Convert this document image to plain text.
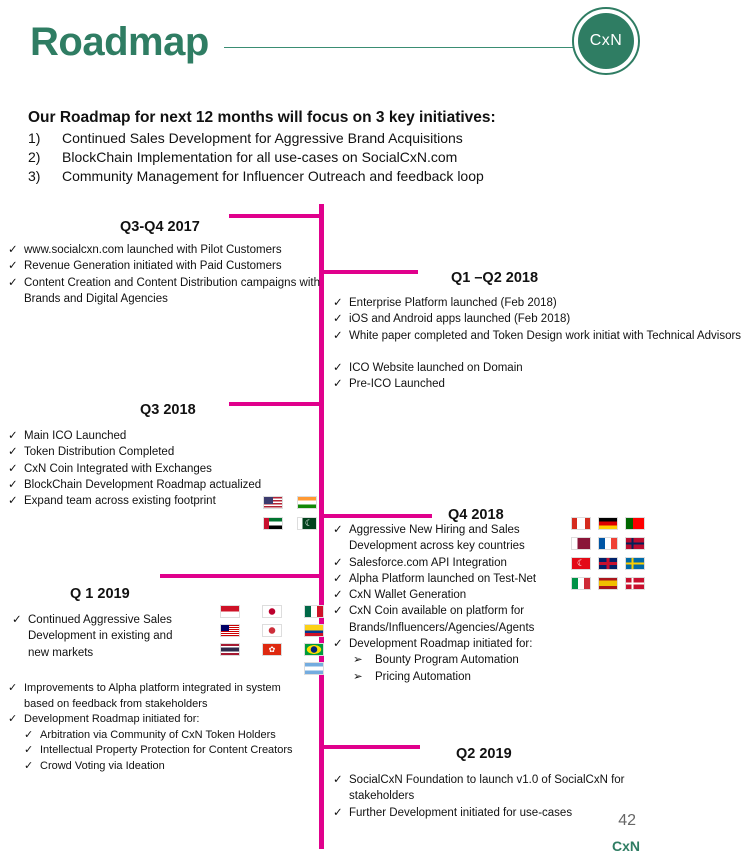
Roadmap	CxN
Our Roadmap for next 12 months will focus on 3 key initiatives:
1)	Continued Sales Development for Aggressive Brand Acquisitions
2)	BlockChain Implementation for all use-cases on SocialCxN.com
3)	Community Management for Influencer Outreach and feedback loop
Q3-Q4 2017
✓ www.socialcxn.com launched with Pilot Customers
✓ Revenue Generation initiated with Paid Customers
✓ Content Creation and Content Distribution campaigns with Brands and Digital Agencies
Q1 –Q2 2018
✓ Enterprise Platform launched (Feb 2018)
✓ iOS and Android apps launched (Feb 2018)
✓ White paper completed and Token Design work initiat with Technical Advisors
✓ ICO Website launched on Domain
✓ Pre-ICO Launched
Q3 2018
✓ Main ICO Launched
✓ Token Distribution Completed
✓ CxN Coin Integrated with Exchanges
✓ BlockChain Development Roadmap actualized
✓ Expand team across existing footprint
☾	Q4 2018
✓ Aggressive New Hiring and Sales Development across key countries
✓ Salesforce.com API Integration
✓ Alpha Platform launched on Test-Net
✓ CxN Wallet Generation
✓ CxN Coin available on platform for Brands/Influencers/Agencies/Agents
✓ Development Roadmap initiated for:
➢	Bounty Program Automation
➢	Pricing Automation
☾
Q 1 2019
✓ Continued Aggressive Sales Development in existing and new markets	✿
✓ Improvements to Alpha platform integrated in system based on feedback from stakeholders
✓ Development Roadmap initiated for:
✓ Arbitration via Community of CxN Token Holders
✓ Intellectual Property Protection for Content Creators
✓ Crowd Voting via Ideation
Q2 2019
✓ SocialCxN Foundation to launch v1.0 of SocialCxN for stakeholders
✓ Further Development initiated for use-cases	42
CxN
